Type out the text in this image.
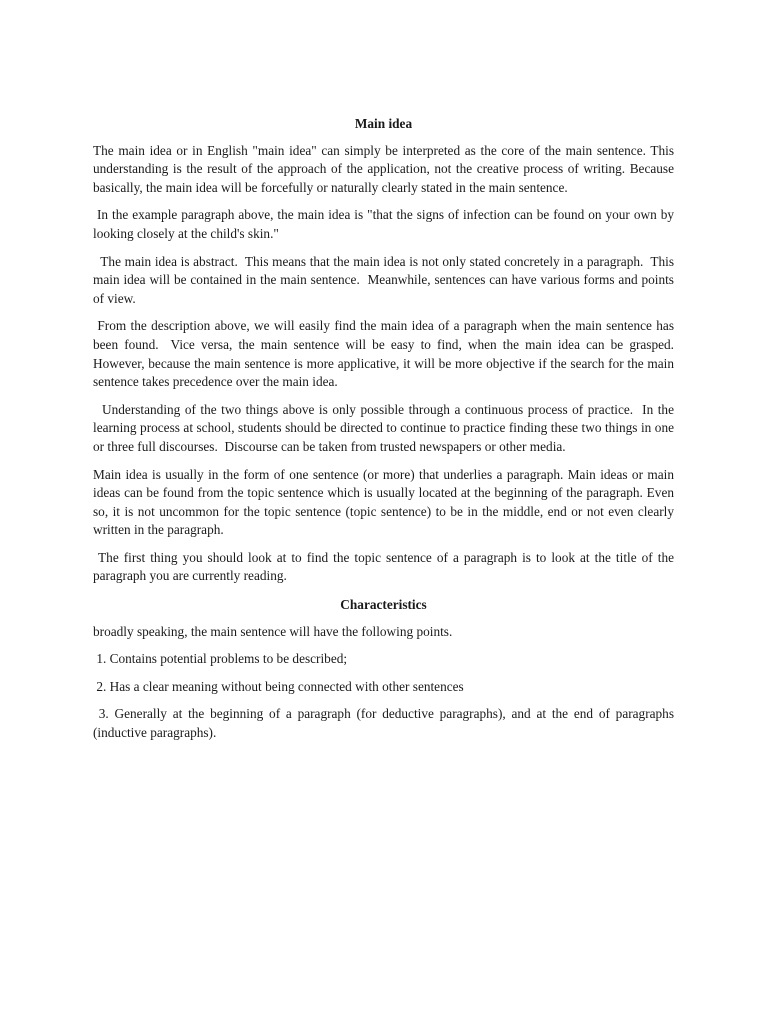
Main idea
The main idea or in English "main idea" can simply be interpreted as the core of the main sentence. This understanding is the result of the approach of the application, not the creative process of writing. Because basically, the main idea will be forcefully or naturally clearly stated in the main sentence.
In the example paragraph above, the main idea is "that the signs of infection can be found on your own by looking closely at the child's skin."
The main idea is abstract.  This means that the main idea is not only stated concretely in a paragraph.  This main idea will be contained in the main sentence.  Meanwhile, sentences can have various forms and points of view.
From the description above, we will easily find the main idea of a paragraph when the main sentence has been found.  Vice versa, the main sentence will be easy to find, when the main idea can be grasped.  However, because the main sentence is more applicative, it will be more objective if the search for the main sentence takes precedence over the main idea.
Understanding of the two things above is only possible through a continuous process of practice.  In the learning process at school, students should be directed to continue to practice finding these two things in one or three full discourses.  Discourse can be taken from trusted newspapers or other media.
Main idea is usually in the form of one sentence (or more) that underlies a paragraph. Main ideas or main ideas can be found from the topic sentence which is usually located at the beginning of the paragraph. Even so, it is not uncommon for the topic sentence (topic sentence) to be in the middle, end or not even clearly written in the paragraph.
The first thing you should look at to find the topic sentence of a paragraph is to look at the title of the paragraph you are currently reading.
Characteristics
broadly speaking, the main sentence will have the following points.
1. Contains potential problems to be described;
2. Has a clear meaning without being connected with other sentences
3. Generally at the beginning of a paragraph (for deductive paragraphs), and at the end of paragraphs (inductive paragraphs).
